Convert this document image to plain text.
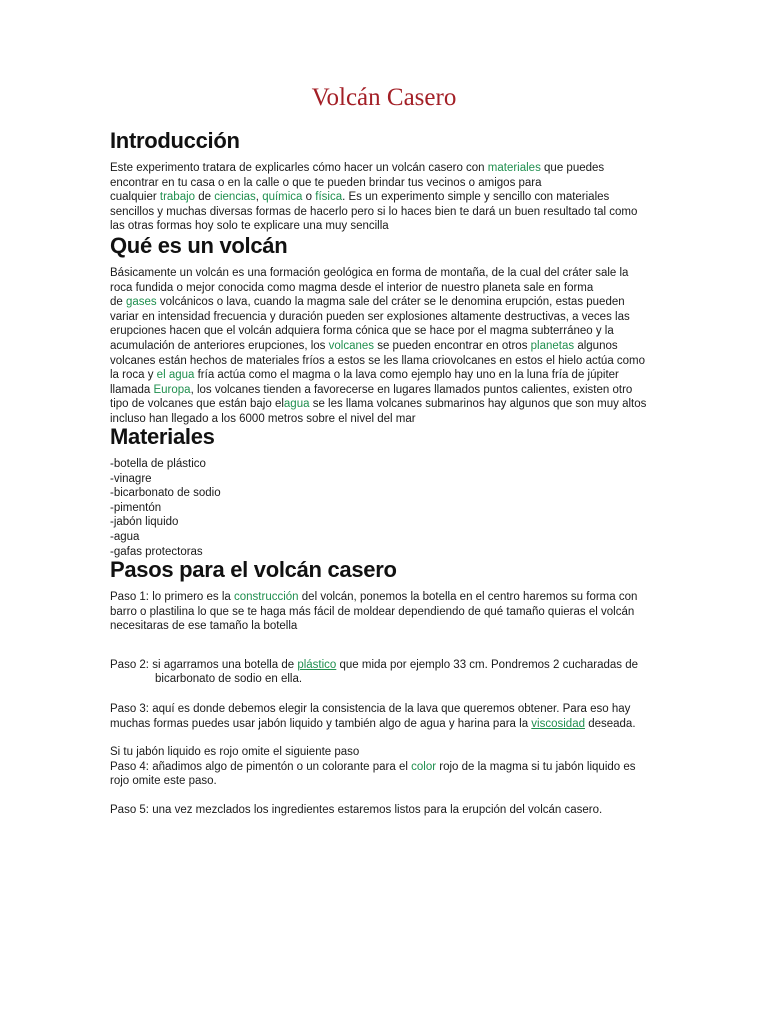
Volcán Casero
Introducción

Este experimento tratara de explicarles cómo hacer un volcán casero con materiales que puedes

encontrar en tu casa o en la calle o que te pueden brindar tus vecinos o amigos para

cualquier trabajo de ciencias, química o física. Es un experimento simple y sencillo con materiales

sencillos y muchas diversas formas de hacerlo pero si lo haces bien te dará un buen resultado tal como

las otras formas hoy solo te explicare una muy sencilla

Qué es un volcán

Básicamente un volcán es una formación geológica en forma de montaña, de la cual del cráter sale la

roca fundida o mejor conocida como magma desde el interior de nuestro planeta sale en forma

de gases volcánicos o lava, cuando la magma sale del cráter se le denomina erupción, estas pueden

variar en intensidad frecuencia y duración pueden ser explosiones altamente destructivas, a veces las

erupciones hacen que el volcán adquiera forma cónica que se hace por el magma subterráneo y la

acumulación de anteriores erupciones, los volcanes se pueden encontrar en otros planetas algunos

volcanes están hechos de materiales fríos a estos se les llama criovolcanes en estos el hielo actúa como

la roca y el agua fría actúa como el magma o la lava como ejemplo hay uno en la luna fría de júpiter

llamada Europa, los volcanes tienden a favorecerse en lugares llamados puntos calientes, existen otro

tipo de volcanes que están bajo elagua se les llama volcanes submarinos hay algunos que son muy altos

incluso han llegado a los 6000 metros sobre el nivel del mar

Materiales

-botella de plástico

-vinagre

-bicarbonato de sodio

-pimentón

-jabón liquido

-agua

-gafas protectoras

Pasos para el volcán casero

Paso 1: lo primero es la construcción del volcán, ponemos la botella en el centro haremos su forma con

barro o plastilina lo que se te haga más fácil de moldear dependiendo de qué tamaño quieras el volcán

necesitaras de ese tamaño la botella

Paso 2: si agarramos una botella de plástico que mida por ejemplo 33 cm. Pondremos 2 cucharadas de

bicarbonato de sodio en ella.

Paso 3: aquí es donde debemos elegir la consistencia de la lava que queremos obtener. Para eso hay

muchas formas puedes usar jabón liquido y también algo de agua y harina para la viscosidad deseada.

Si tu jabón liquido es rojo omite el siguiente paso

Paso 4: añadimos algo de pimentón o un colorante para el color rojo de la magma si tu jabón liquido es

rojo omite este paso.

Paso 5: una vez mezclados los ingredientes estaremos listos para la erupción del volcán casero.
